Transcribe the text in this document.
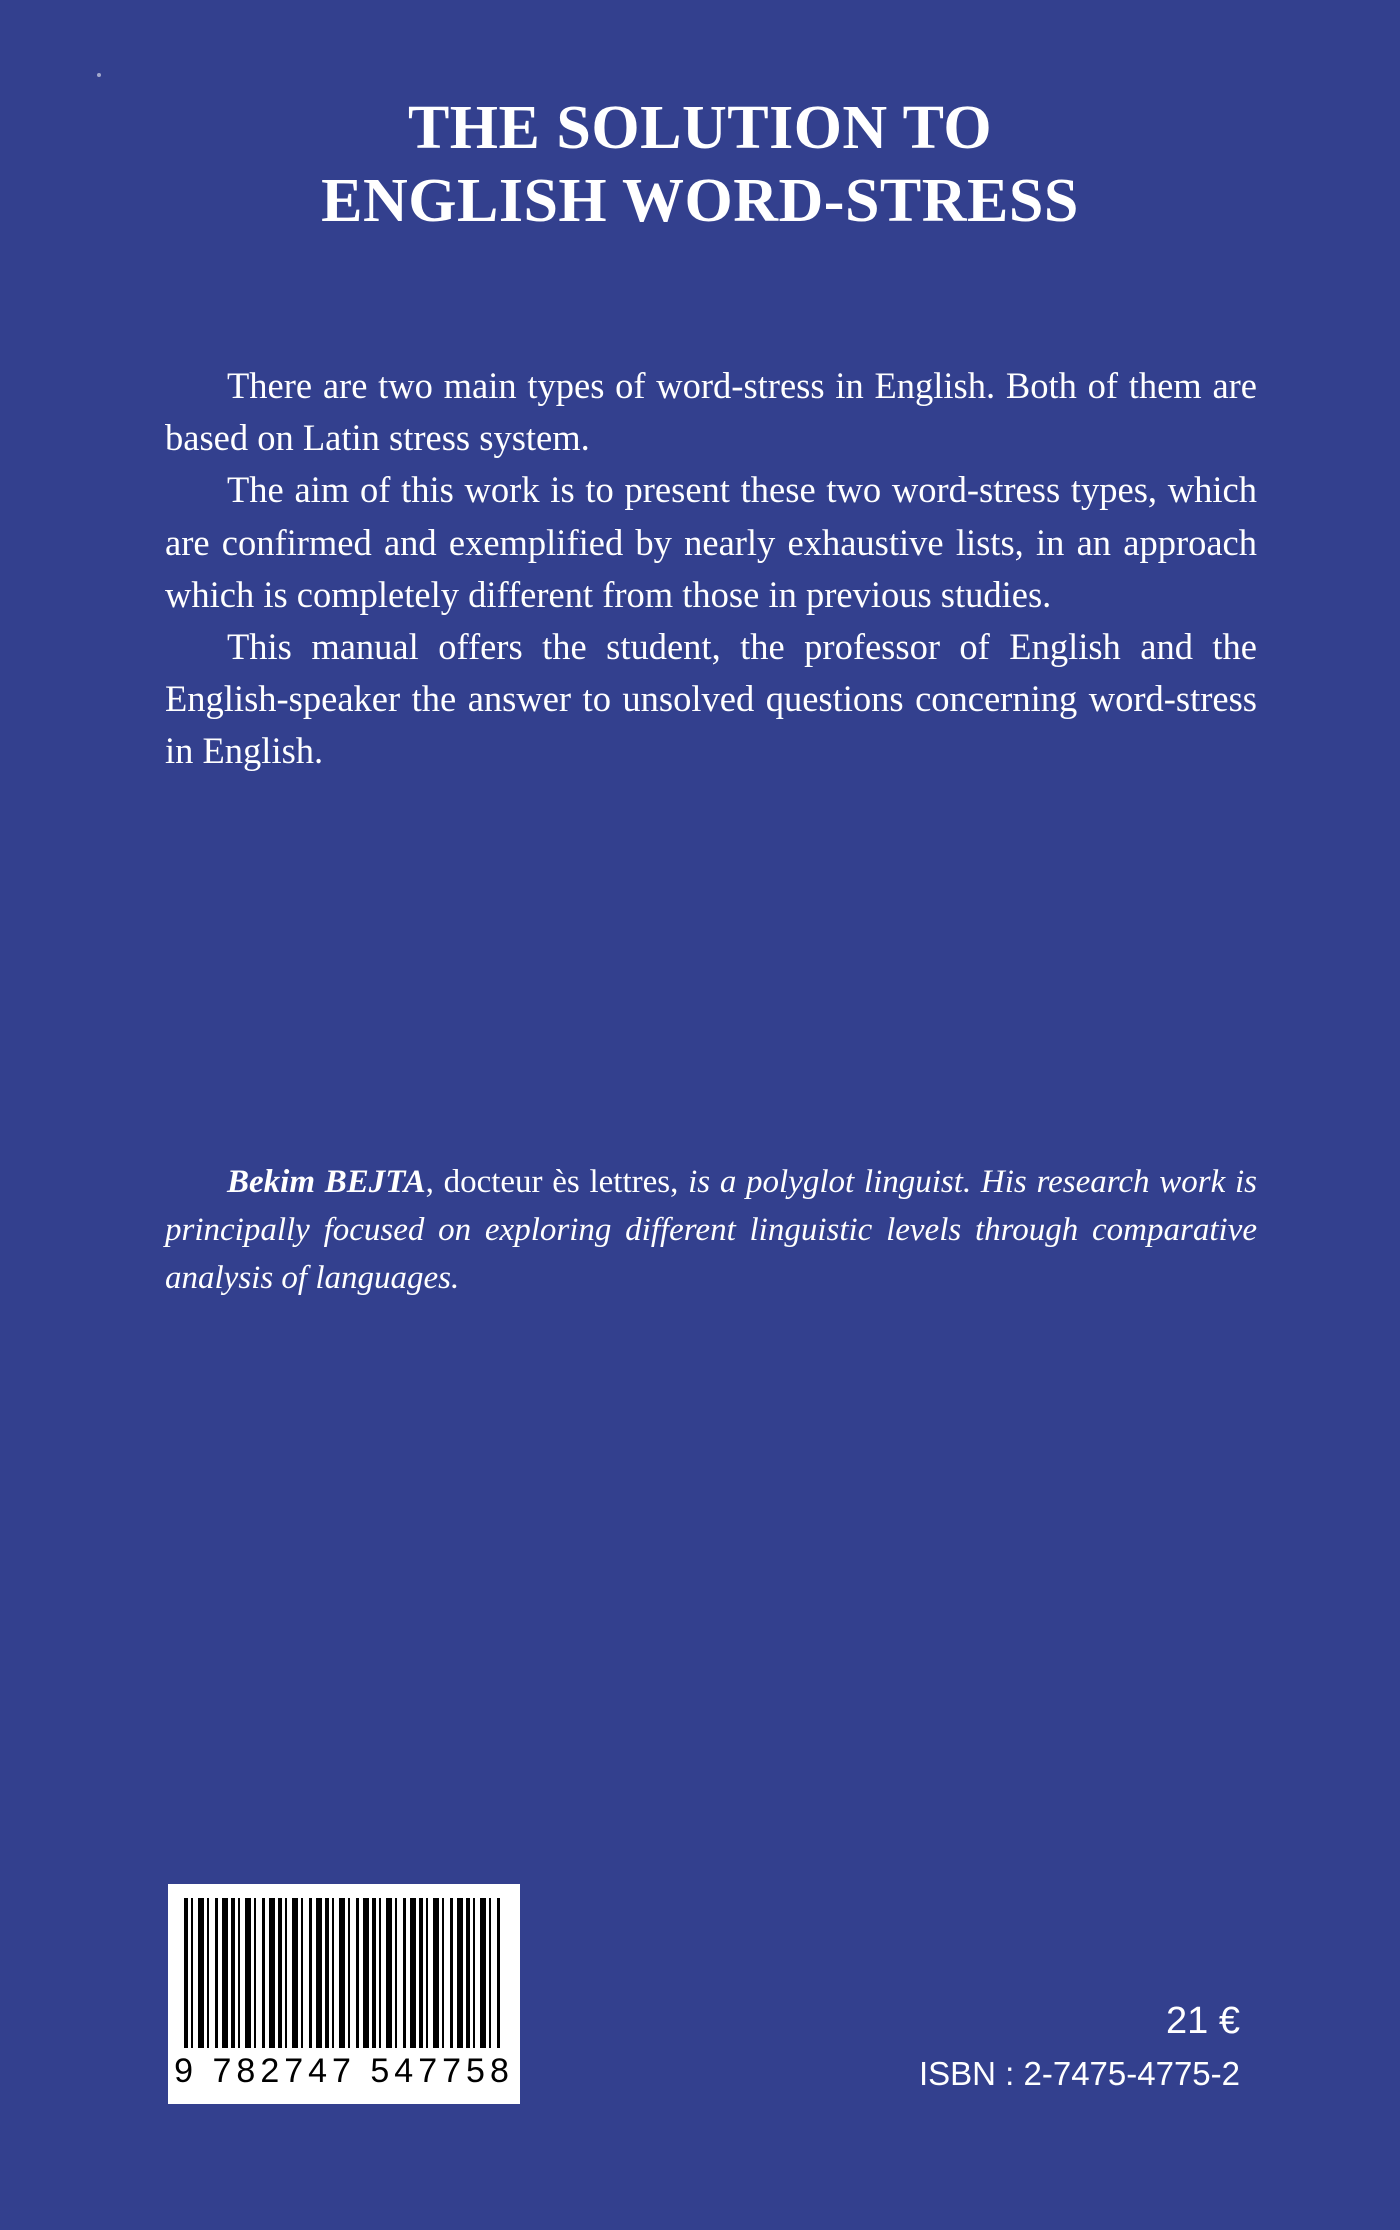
THE SOLUTION TO
ENGLISH WORD-STRESS

There are two main types of word-stress in English. Both of them are based on Latin stress system.

The aim of this work is to present these two word-stress types, which are confirmed and exemplified by nearly exhaustive lists, in an approach which is completely different from those in previous studies.

This manual offers the student, the professor of English and the English-speaker the answer to unsolved questions concerning word-stress in English.

Bekim BEJTA, docteur ès lettres, is a polyglot linguist. His research work is principally focused on exploring different linguistic levels through comparative analysis of languages.

9 782747 547758
21 €
ISBN : 2-7475-4775-2
